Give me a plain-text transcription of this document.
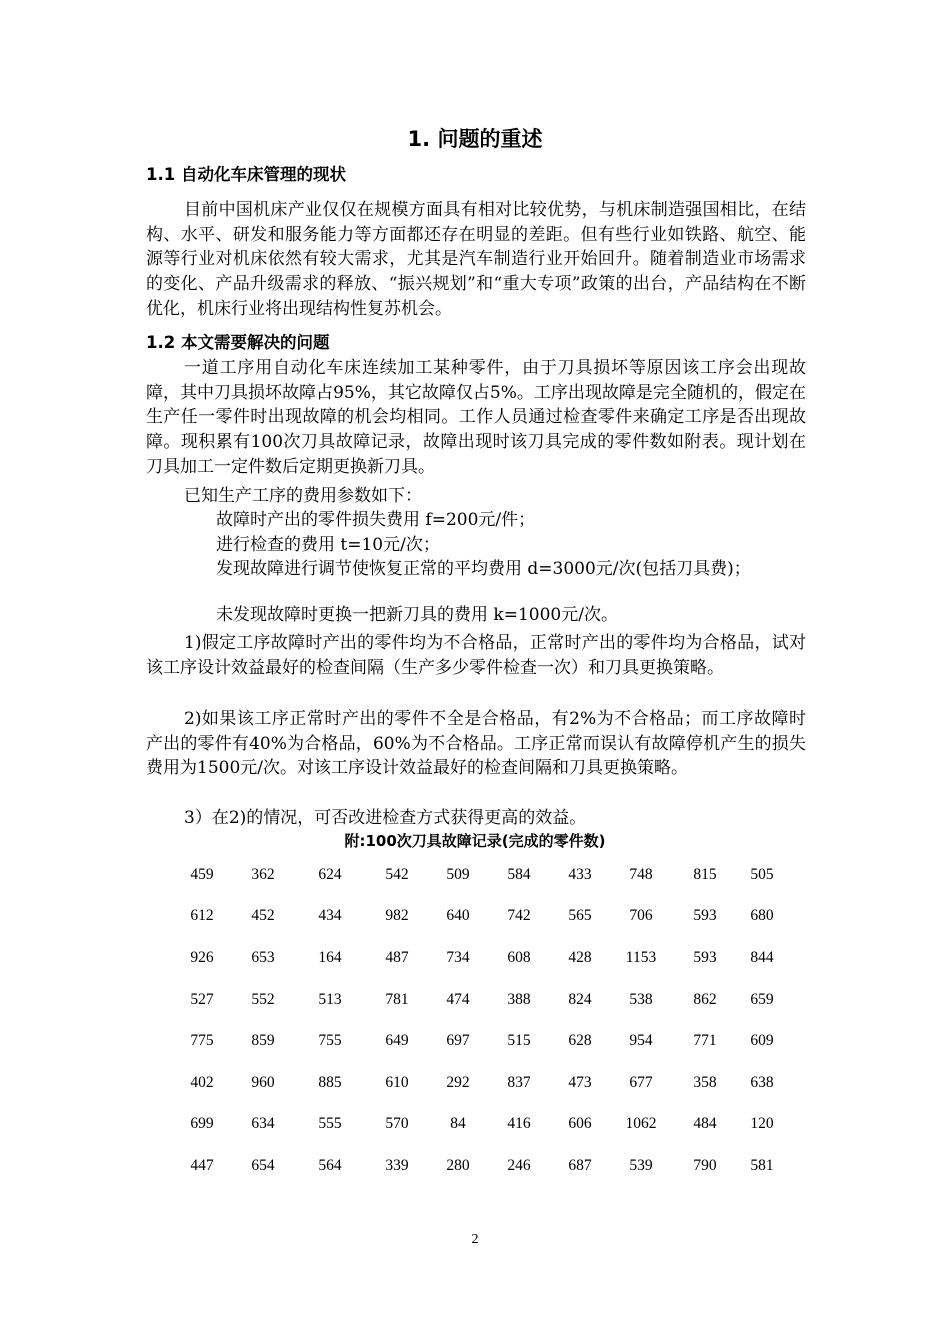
1. 问题的重述
1.1 自动化车床管理的现状
目前中国机床产业仅仅在规模方面具有相对比较优势，与机床制造强国相比，在结构、水平、研发和服务能力等方面都还存在明显的差距。但有些行业如铁路、航空、能源等行业对机床依然有较大需求，尤其是汽车制造行业开始回升。随着制造业市场需求的变化、产品升级需求的释放、“振兴规划”和“重大专项”政策的出台，产品结构在不断优化，机床行业将出现结构性复苏机会。
1.2 本文需要解决的问题
一道工序用自动化车床连续加工某种零件，由于刀具损坏等原因该工序会出现故障，其中刀具损坏故障占95%，其它故障仅占5%。工序出现故障是完全随机的，假定在生产任一零件时出现故障的机会均相同。工作人员通过检查零件来确定工序是否出现故障。现积累有100次刀具故障记录，故障出现时该刀具完成的零件数如附表。现计划在刀具加工一定件数后定期更换新刀具。
已知生产工序的费用参数如下：
故障时产出的零件损失费用 f=200元/件；
进行检查的费用 t=10元/次；
发现故障进行调节使恢复正常的平均费用 d=3000元/次(包括刀具费)；
未发现故障时更换一把新刀具的费用 k=1000元/次。
1)假定工序故障时产出的零件均为不合格品，正常时产出的零件均为合格品，试对该工序设计效益最好的检查间隔（生产多少零件检查一次）和刀具更换策略。
2)如果该工序正常时产出的零件不全是合格品，有2%为不合格品；而工序故障时产出的零件有40%为合格品，60%为不合格品。工序正常而误认有故障停机产生的损失费用为1500元/次。对该工序设计效益最好的检查间隔和刀具更换策略。
3）在2)的情况，可否改进检查方式获得更高的效益。
附:100次刀具故障记录(完成的零件数)
459	362	624	542	509	584	433	748	815	505
612	452	434	982	640	742	565	706	593	680
926	653	164	487	734	608	428	1153	593	844
527	552	513	781	474	388	824	538	862	659
775	859	755	649	697	515	628	954	771	609
402	960	885	610	292	837	473	677	358	638
699	634	555	570	84	416	606	1062	484	120
447	654	564	339	280	246	687	539	790	581
2
